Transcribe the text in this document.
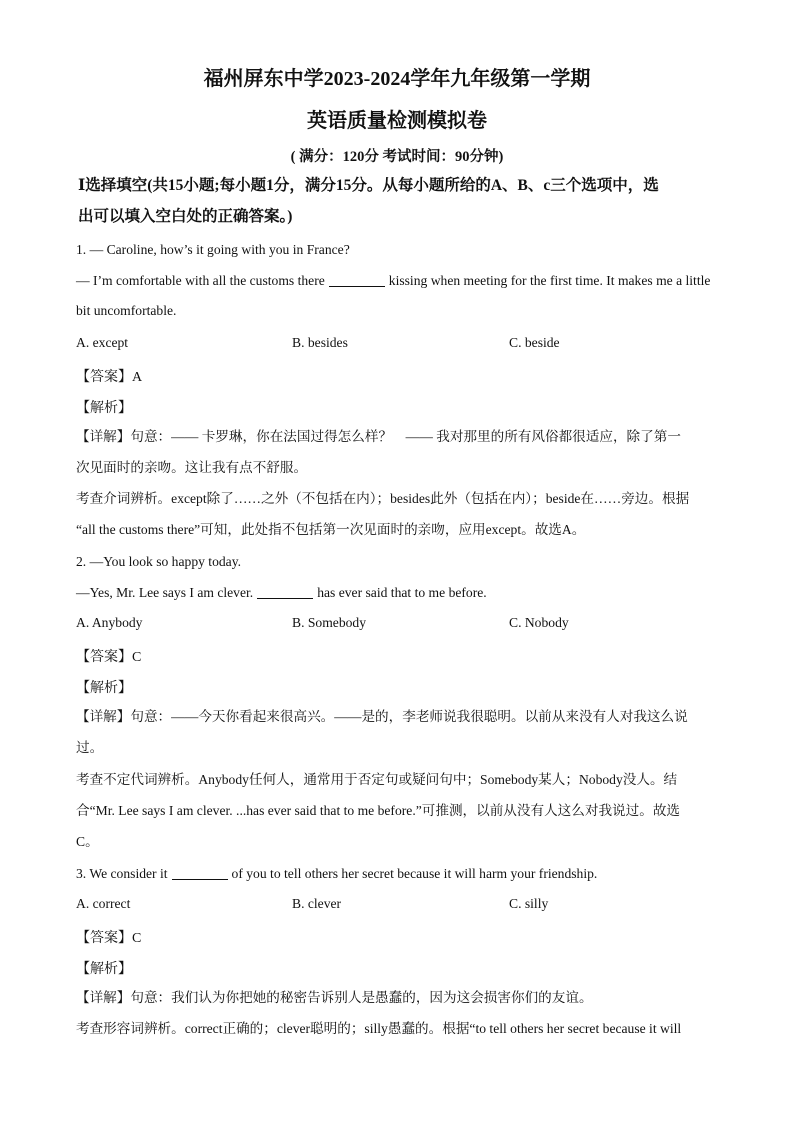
福州屏东中学2023-2024学年九年级第一学期
英语质量检测模拟卷
( 满分：120分 考试时间：90分钟)
Ⅰ选择填空(共15小题;每小题1分，满分15分。从每小题所给的A、B、c三个选项中，选
出可以填入空白处的正确答案。)
1. — Caroline, how’s it going with you in France?
— I’m comfortable with all the customs there	kissing when meeting for the first time. It makes me a little
bit uncomfortable.
A. except	B. besides	C. beside
【答案】A
【解析】
【详解】句意：—— 卡罗琳，你在法国过得怎么样？　—— 我对那里的所有风俗都很适应，除了第一
次见面时的亲吻。这让我有点不舒服。
考查介词辨析。except除了……之外（不包括在内）；besides此外（包括在内）；beside在……旁边。根据
“all the customs there”可知，此处指不包括第一次见面时的亲吻，应用except。故选A。
2. —You look so happy today.
—Yes, Mr. Lee says I am clever.	has ever said that to me before.
A. Anybody	B. Somebody	C. Nobody
【答案】C
【解析】
【详解】句意：——今天你看起来很高兴。——是的，李老师说我很聪明。以前从来没有人对我这么说
过。
考查不定代词辨析。Anybody任何人，通常用于否定句或疑问句中；Somebody某人；Nobody没人。结
合“Mr. Lee says I am clever. ...has ever said that to me before.”可推测，以前从没有人这么对我说过。故选
C。
3. We consider it	of you to tell others her secret because it will harm your friendship.
A. correct	B. clever	C. silly
【答案】C
【解析】
【详解】句意：我们认为你把她的秘密告诉别人是愚蠢的，因为这会损害你们的友谊。
考查形容词辨析。correct正确的；clever聪明的；silly愚蠢的。根据“to tell others her secret because it will
